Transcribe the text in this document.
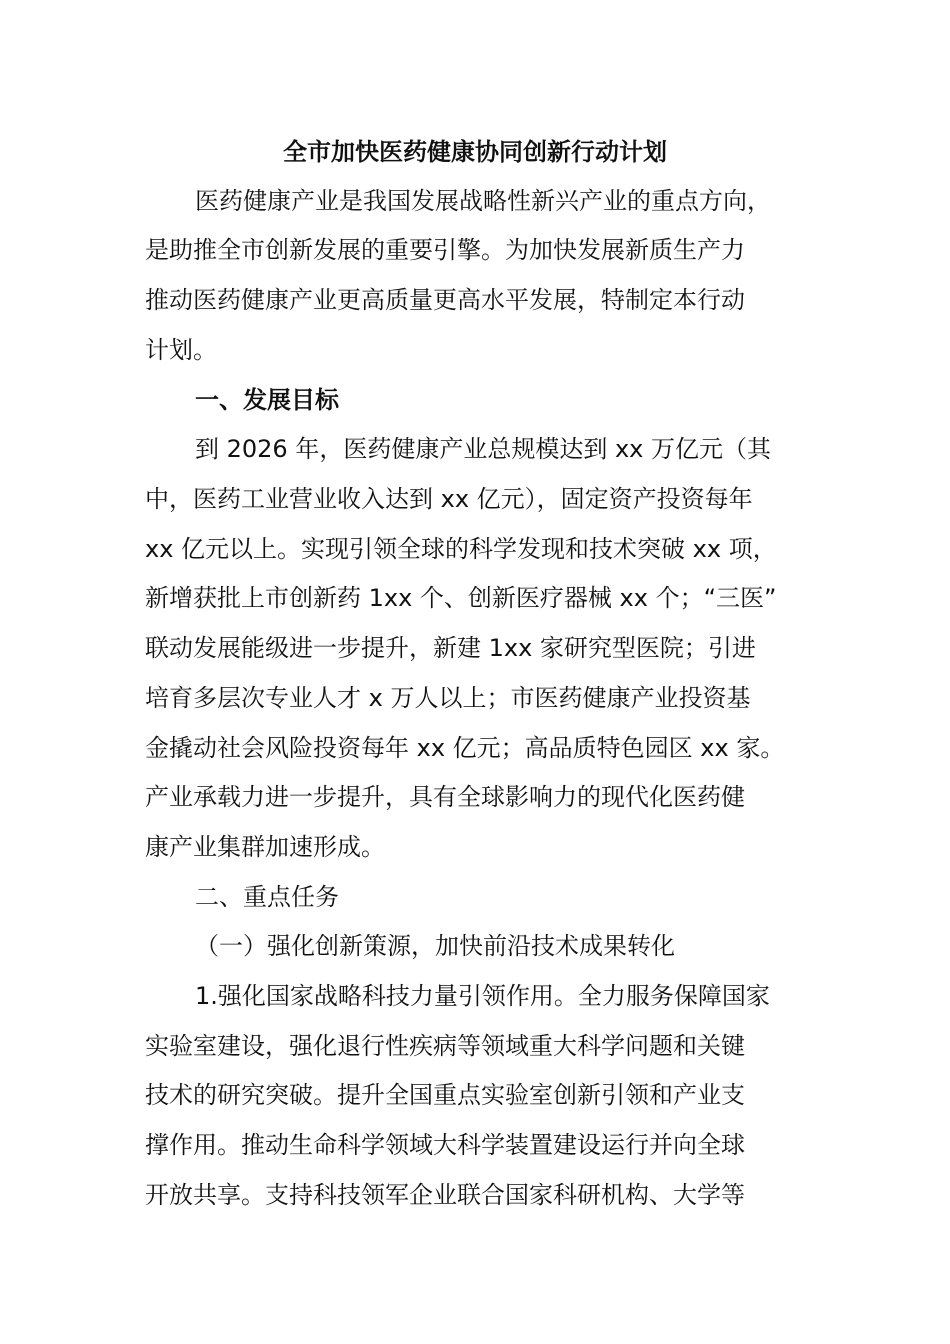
全市加快医药健康协同创新行动计划
医药健康产业是我国发展战略性新兴产业的重点方向，
是助推全市创新发展的重要引擎。为加快发展新质生产力
推动医药健康产业更高质量更高水平发展，特制定本行动
计划。
一、发展目标
到 2026 年，医药健康产业总规模达到 xx 万亿元（其
中，医药工业营业收入达到 xx 亿元），固定资产投资每年
xx 亿元以上。实现引领全球的科学发现和技术突破 xx 项，
新增获批上市创新药 1xx 个、创新医疗器械 xx 个；“三医”
联动发展能级进一步提升，新建 1xx 家研究型医院；引进
培育多层次专业人才 x 万人以上；市医药健康产业投资基
金撬动社会风险投资每年 xx 亿元；高品质特色园区 xx 家。
产业承载力进一步提升，具有全球影响力的现代化医药健
康产业集群加速形成。
二、重点任务
（一）强化创新策源，加快前沿技术成果转化
1.强化国家战略科技力量引领作用。全力服务保障国家
实验室建设，强化退行性疾病等领域重大科学问题和关键
技术的研究突破。提升全国重点实验室创新引领和产业支
撑作用。推动生命科学领域大科学装置建设运行并向全球
开放共享。支持科技领军企业联合国家科研机构、大学等
